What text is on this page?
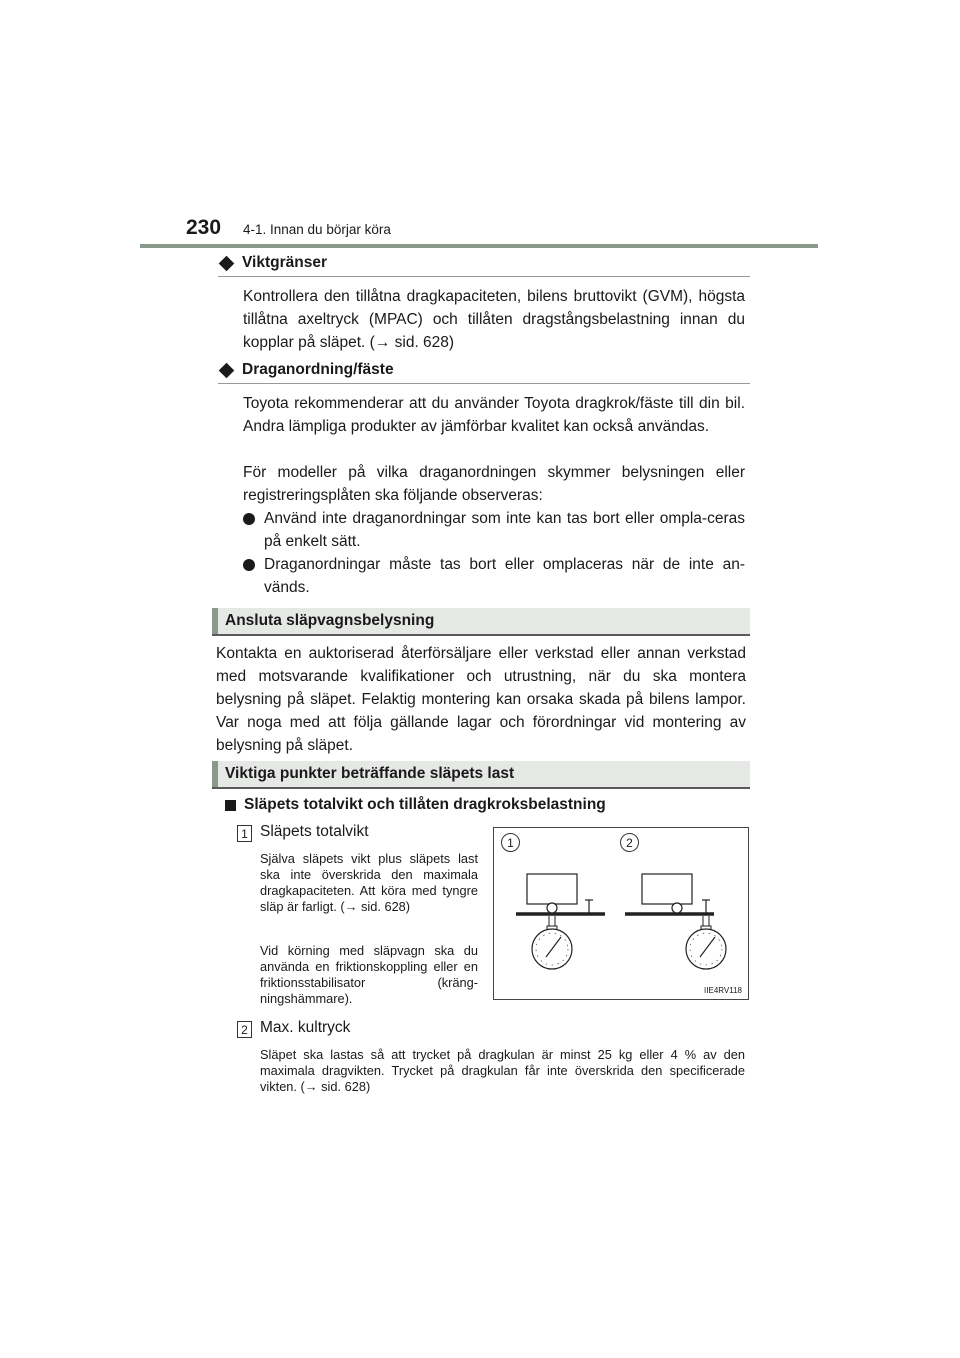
230 4-1. Innan du börjar köra
Viktgränser
Kontrollera den tillåtna dragkapaciteten, bilens bruttovikt (GVM), högsta tillåtna axeltryck (MPAC) och tillåten dragstångsbelastning innan du kopplar på släpet. (→ sid. 628)
Draganordning/fäste
Toyota rekommenderar att du använder Toyota dragkrok/fäste till din bil. Andra lämpliga produkter av jämförbar kvalitet kan också användas.
För modeller på vilka draganordningen skymmer belysningen eller registreringsplåten ska följande observeras:
Använd inte draganordningar som inte kan tas bort eller ompla-ceras på enkelt sätt.
Draganordningar måste tas bort eller omplaceras när de inte an-vänds.
Ansluta släpvagnsbelysning
Kontakta en auktoriserad återförsäljare eller verkstad eller annan verkstad med motsvarande kvalifikationer och utrustning, när du ska montera belysning på släpet. Felaktig montering kan orsaka skada på bilens lampor. Var noga med att följa gällande lagar och förordningar vid montering av belysning på släpet.
Viktiga punkter beträffande släpets last
Släpets totalvikt och tillåten dragkroksbelastning
1 Släpets totalvikt
Själva släpets vikt plus släpets last ska inte överskrida den maximala dragkapaciteten. Att köra med tyngre släp är farligt. (→ sid. 628)
Vid körning med släpvagn ska du använda en friktionskoppling eller en friktionsstabilisator (kräng-ningshämmare).
1	2
IIE4RV118
2 Max. kultryck
Släpet ska lastas så att trycket på dragkulan är minst 25 kg eller 4 % av den maximala dragvikten. Trycket på dragkulan får inte överskrida den specificerade vikten. (→ sid. 628)
